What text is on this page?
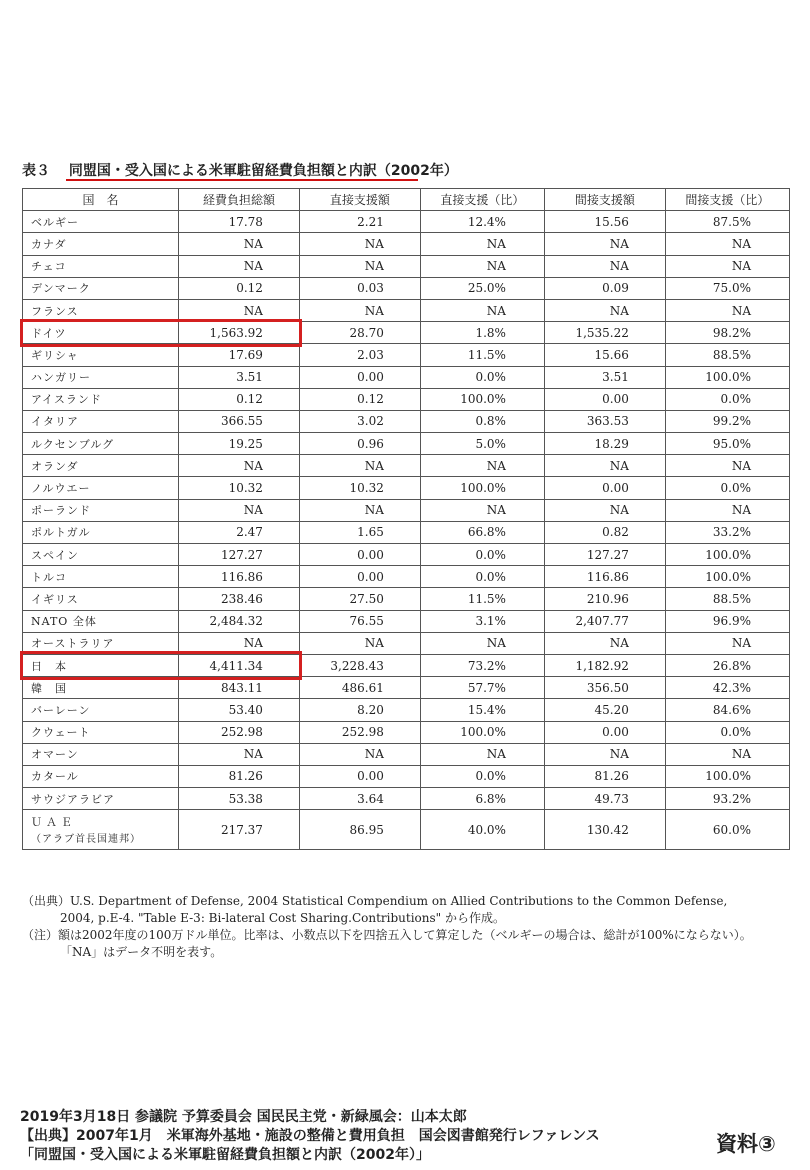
表３ 同盟国・受入国による米軍駐留経費負担額と内訳（2002年）
国　名	経費負担総額	直接支援額	直接支援（比）	間接支援額	間接支援（比）
ベルギー	17.78	2.21	12.4%	15.56	87.5%
カナダ	NA	NA	NA	NA	NA
チェコ	NA	NA	NA	NA	NA
デンマーク	0.12	0.03	25.0%	0.09	75.0%
フランス	NA	NA	NA	NA	NA
ドイツ	1,563.92	28.70	1.8%	1,535.22	98.2%
ギリシャ	17.69	2.03	11.5%	15.66	88.5%
ハンガリー	3.51	0.00	0.0%	3.51	100.0%
アイスランド	0.12	0.12	100.0%	0.00	0.0%
イタリア	366.55	3.02	0.8%	363.53	99.2%
ルクセンブルグ	19.25	0.96	5.0%	18.29	95.0%
オランダ	NA	NA	NA	NA	NA
ノルウエー	10.32	10.32	100.0%	0.00	0.0%
ポーランド	NA	NA	NA	NA	NA
ポルトガル	2.47	1.65	66.8%	0.82	33.2%
スペイン	127.27	0.00	0.0%	127.27	100.0%
トルコ	116.86	0.00	0.0%	116.86	100.0%
イギリス	238.46	27.50	11.5%	210.96	88.5%
NATO 全体	2,484.32	76.55	3.1%	2,407.77	96.9%
オーストラリア	NA	NA	NA	NA	NA
日　本	4,411.34	3,228.43	73.2%	1,182.92	26.8%
韓　国	843.11	486.61	57.7%	356.50	42.3%
バーレーン	53.40	8.20	15.4%	45.20	84.6%
クウェート	252.98	252.98	100.0%	0.00	0.0%
オマーン	NA	NA	NA	NA	NA
カタール	81.26	0.00	0.0%	81.26	100.0%
サウジアラビア	53.38	3.64	6.8%	49.73	93.2%

ＵＡＥ
（アラブ首長国連邦）	217.37	86.95	40.0%	130.42	60.0%

（出典）U.S. Department of Defense, 2004 Statistical Compendium on Allied Contributions to the Common Defense,

2004, p.E-4. "Table E-3: Bi-lateral Cost Sharing.Contributions" から作成。

（注）額は2002年度の100万ドル単位。比率は、小数点以下を四捨五入して算定した（ベルギーの場合は、総計が100%にならない）。

「NA」はデータ不明を表す。

2019年3月18日 参議院 予算委員会 国民民主党・新緑風会：山本太郎

【出典】2007年1月　米軍海外基地・施設の整備と費用負担　国会図書館発行レファレンス

「同盟国・受入国による米軍駐留経費負担額と内訳（2002年）」	資料③
